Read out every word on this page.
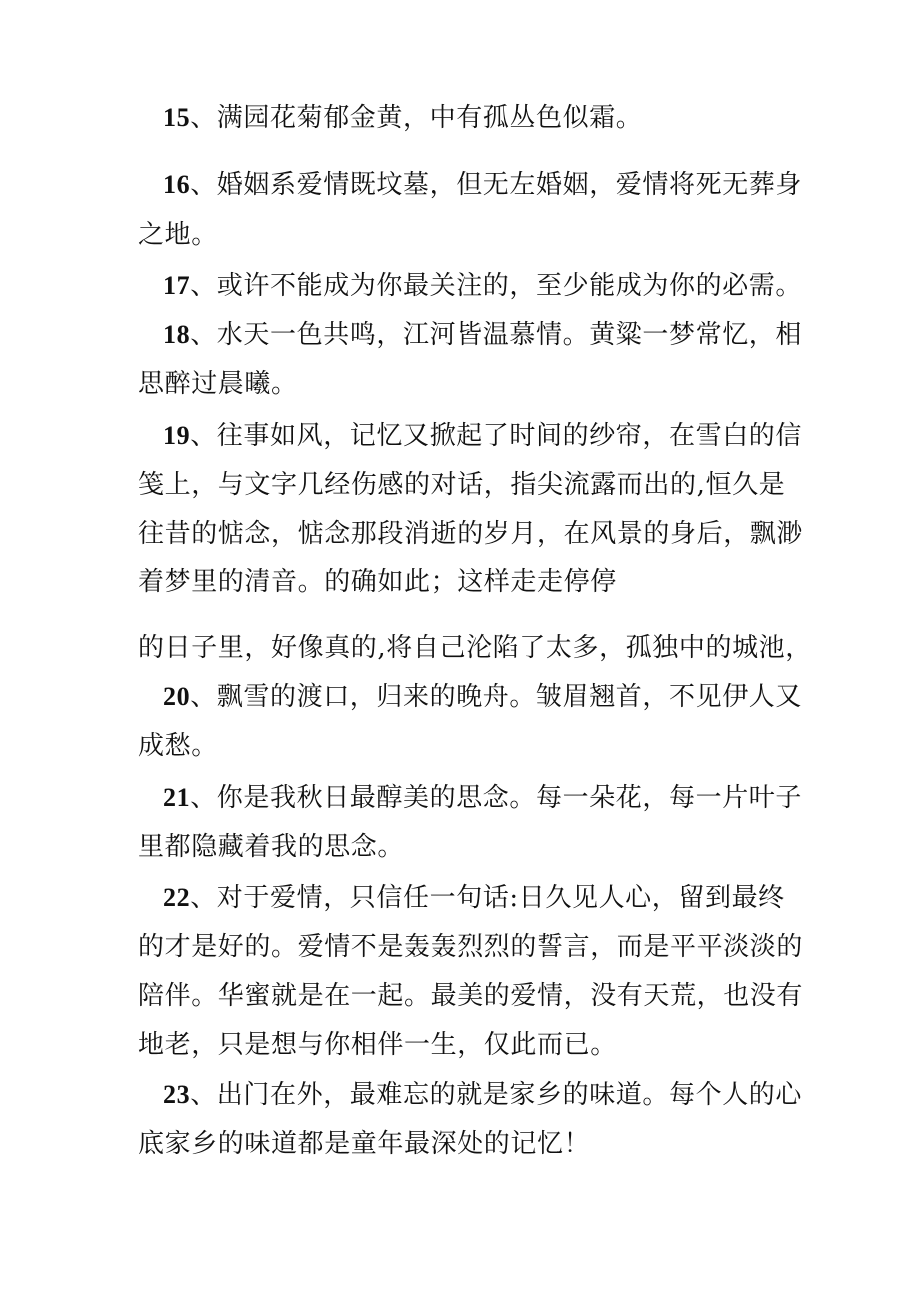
15、满园花菊郁金黄，中有孤丛色似霜。
16、婚姻系爱情既坟墓，但无左婚姻，爱情将死无葬身
之地。
17、或许不能成为你最关注的，至少能成为你的必需。
18、水天一色共鸣，江河皆温慕情。黄粱一梦常忆，相
思醉过晨曦。
19、往事如风，记忆又掀起了时间的纱帘，在雪白的信
笺上，与文字几经伤感的对话，指尖流露而出的,恒久是
往昔的惦念，惦念那段消逝的岁月，在风景的身后，飘渺
着梦里的清音。的确如此；这样走走停停
的日子里，好像真的,将自己沦陷了太多，孤独中的城池，
20、飘雪的渡口，归来的晚舟。皱眉翘首，不见伊人又
成愁。
21、你是我秋日最醇美的思念。每一朵花，每一片叶子
里都隐藏着我的思念。
22、对于爱情，只信任一句话:日久见人心，留到最终
的才是好的。爱情不是轰轰烈烈的誓言，而是平平淡淡的
陪伴。华蜜就是在一起。最美的爱情，没有天荒，也没有
地老，只是想与你相伴一生，仅此而已。
23、出门在外，最难忘的就是家乡的味道。每个人的心
底家乡的味道都是童年最深处的记忆！
